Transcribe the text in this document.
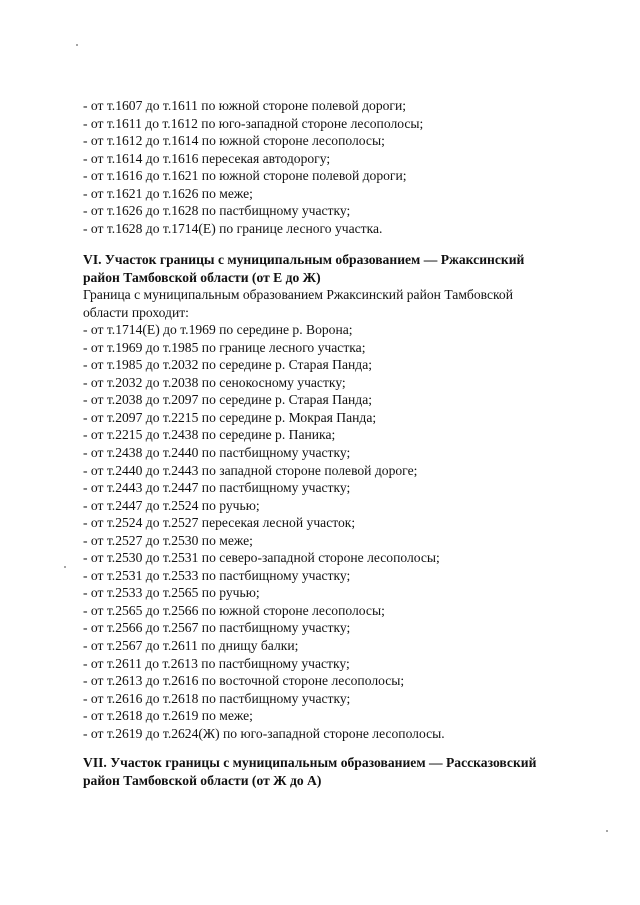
- от т.1607 до т.1611 по южной стороне полевой дороги;
- от т.1611 до т.1612 по юго-западной стороне лесополосы;
- от т.1612 до т.1614 по южной стороне лесополосы;
- от т.1614 до т.1616 пересекая автодорогу;
- от т.1616 до т.1621 по южной стороне полевой дороги;
- от т.1621 до т.1626 по меже;
- от т.1626 до т.1628 по пастбищному участку;
- от т.1628 до т.1714(Е) по границе лесного участка.
VI. Участок границы с муниципальным образованием — Ржаксинский
район Тамбовской области (от Е до Ж)
Граница с муниципальным образованием Ржаксинский район Тамбовской
области проходит:
- от т.1714(Е) до т.1969 по середине р. Ворона;
- от т.1969 до т.1985 по границе лесного участка;
- от т.1985 до т.2032 по середине р. Старая Панда;
- от т.2032 до т.2038 по сенокосному участку;
- от т.2038 до т.2097 по середине р. Старая Панда;
- от т.2097 до т.2215 по середине р. Мокрая Панда;
- от т.2215 до т.2438 по середине р. Паника;
- от т.2438 до т.2440 по пастбищному участку;
- от т.2440 до т.2443 по западной стороне полевой дороге;
- от т.2443 до т.2447 по пастбищному участку;
- от т.2447 до т.2524 по ручью;
- от т.2524 до т.2527 пересекая лесной участок;
- от т.2527 до т.2530 по меже;
- от т.2530 до т.2531 по северо-западной стороне лесополосы;
- от т.2531 до т.2533 по пастбищному участку;
- от т.2533 до т.2565 по ручью;
- от т.2565 до т.2566 по южной стороне лесополосы;
- от т.2566 до т.2567 по пастбищному участку;
- от т.2567 до т.2611 по днищу балки;
- от т.2611 до т.2613 по пастбищному участку;
- от т.2613 до т.2616 по восточной стороне лесополосы;
- от т.2616 до т.2618 по пастбищному участку;
- от т.2618 до т.2619 по меже;
- от т.2619 до т.2624(Ж) по юго-западной стороне лесополосы.
VII. Участок границы с муниципальным образованием — Рассказовский
район Тамбовской области (от Ж до А)
